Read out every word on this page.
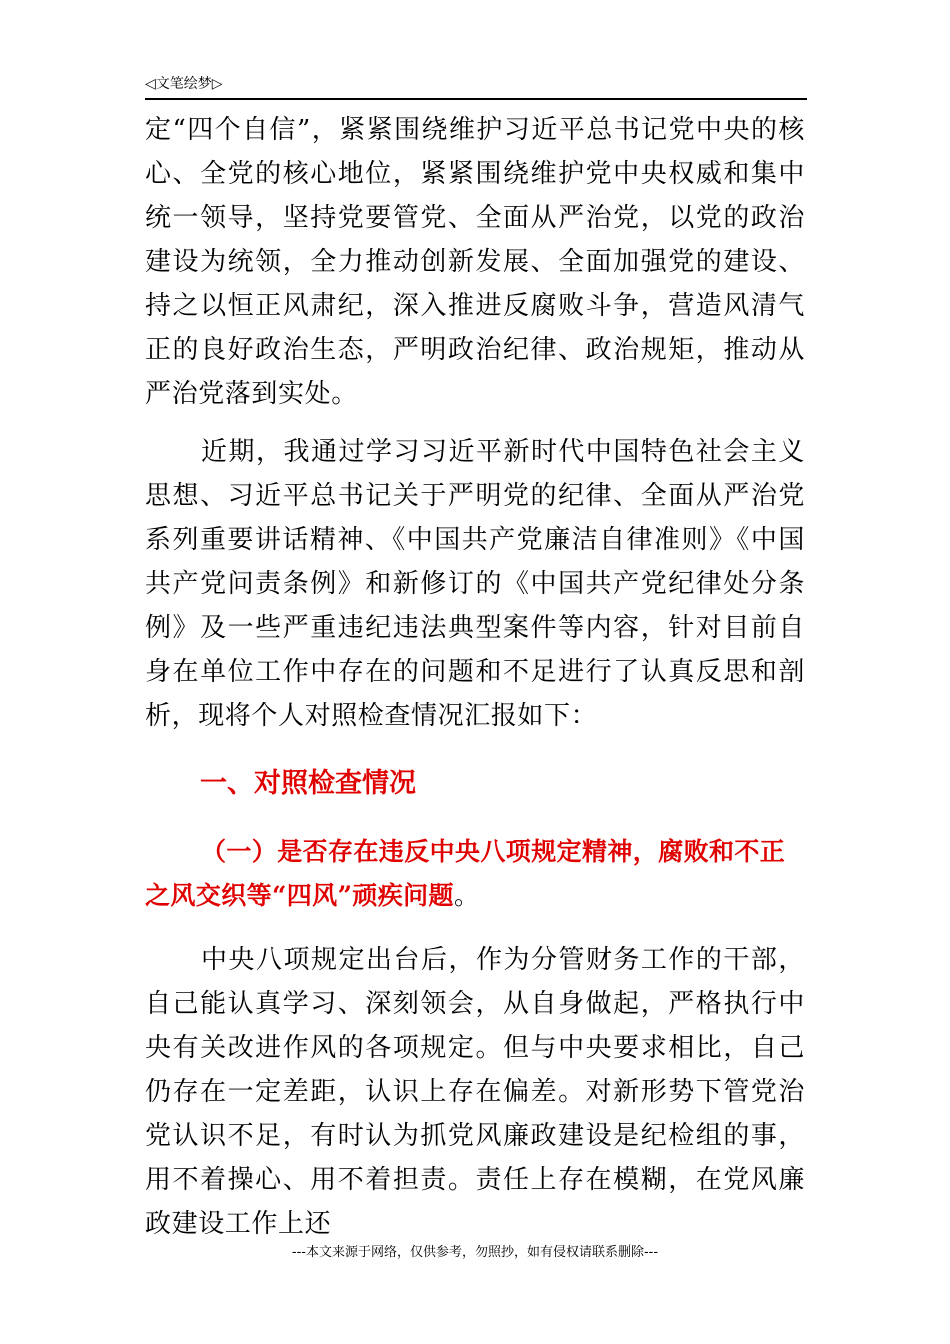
◁文笔绘梦▷

定“四个自信”，紧紧围绕维护习近平总书记党中央的核心、全党的核心地位，紧紧围绕维护党中央权威和集中统一领导，坚持党要管党、全面从严治党，以党的政治建设为统领，全力推动创新发展、全面加强党的建设、持之以恒正风肃纪，深入推进反腐败斗争，营造风清气正的良好政治生态，严明政治纪律、政治规矩，推动从严治党落到实处。

近期，我通过学习习近平新时代中国特色社会主义思想、习近平总书记关于严明党的纪律、全面从严治党系列重要讲话精神、《中国共产党廉洁自律准则》《中国共产党问责条例》和新修订的《中国共产党纪律处分条例》及一些严重违纪违法典型案件等内容，针对目前自身在单位工作中存在的问题和不足进行了认真反思和剖析，现将个人对照检查情况汇报如下：

一、对照检查情况
（一）是否存在违反中央八项规定精神，腐败和不正之风交织等“四风”顽疾问题。

中央八项规定出台后，作为分管财务工作的干部，自己能认真学习、深刻领会，从自身做起，严格执行中央有关改进作风的各项规定。但与中央要求相比，自己仍存在一定差距，认识上存在偏差。对新形势下管党治党认识不足，有时认为抓党风廉政建设是纪检组的事，用不着操心、用不着担责。责任上存在模糊，在党风廉政建设工作上还

---本文来源于网络，仅供参考，勿照抄，如有侵权请联系删除---
